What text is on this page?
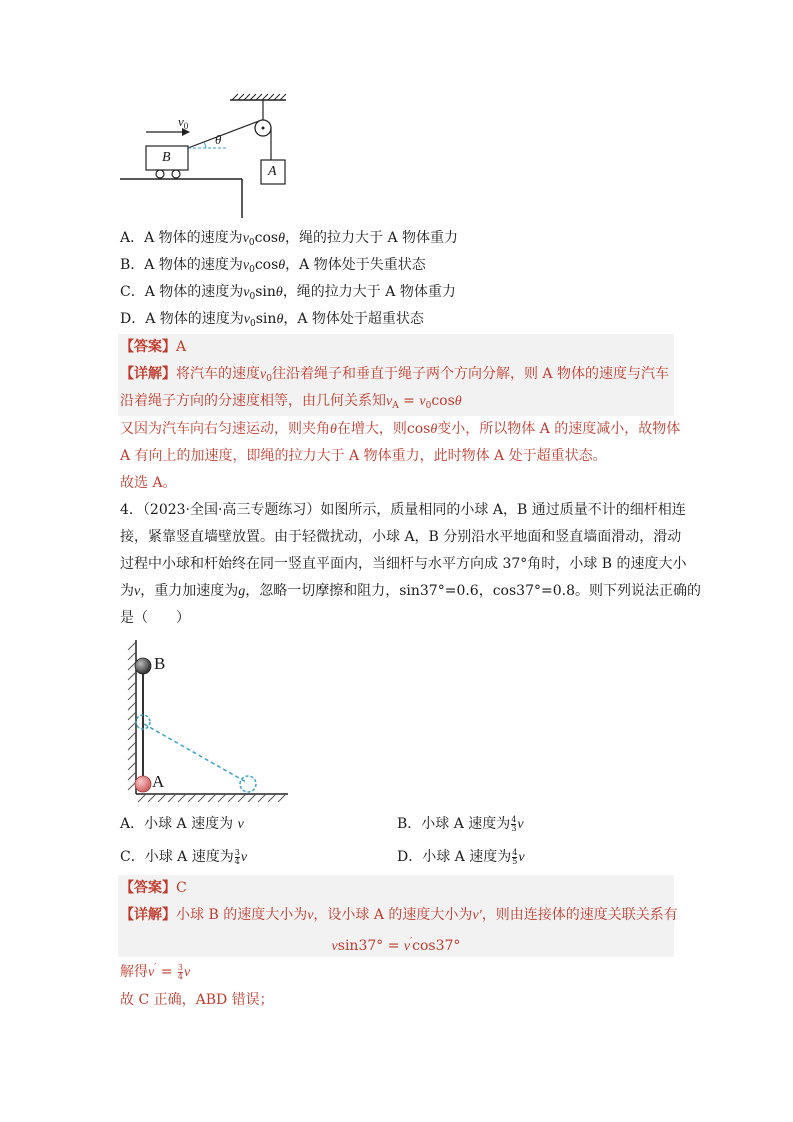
$v_0$
θ
B
A
A．A 物体的速度为$v_0\cos\theta$，绳的拉力大于 A 物体重力
B．A 物体的速度为$v_0\cos\theta$，A 物体处于失重状态
C．A 物体的速度为$v_0\sin\theta$，绳的拉力大于 A 物体重力
D．A 物体的速度为$v_0\sin\theta$，A 物体处于超重状态
【答案】A
【详解】将汽车的速度$v_0$往沿着绳子和垂直于绳子两个方向分解，则 A 物体的速度与汽车
沿着绳子方向的分速度相等，由几何关系知$v_A = v_0\cos\theta$
又因为汽车向右匀速运动，则夹角θ在增大，则cosθ变小，所以物体 A 的速度减小，故物体
A 有向上的加速度，即绳的拉力大于 A 物体重力，此时物体 A 处于超重状态。
故选 A。
4．（2023·全国·高三专题练习）如图所示，质量相同的小球 A，B 通过质量不计的细杆相连
接，紧靠竖直墙壁放置。由于轻微扰动，小球 A，B 分别沿水平地面和竖直墙面滑动，滑动
过程中小球和杆始终在同一竖直平面内，当细杆与水平方向成 37°角时，小球 B 的速度大小
为v，重力加速度为g，忽略一切摩擦和阻力，sin37°=0.6，cos37°=0.8。则下列说法正确的
是（　　）
B
A
A．小球 A 速度为 v	B．小球 A 速度为 $\frac{4}{3}$ v
C．小球 A 速度为 $\frac{3}{4}$ v	D．小球 A 速度为 $\frac{4}{5}$ v
【答案】C
【详解】小球 B 的速度大小为v，设小球 A 的速度大小为v′，则由连接体的速度关联关系有
vsin37° = v′cos37°
解得$v' = \frac{3}{4}$ v
故 C 正确，ABD 错误；
